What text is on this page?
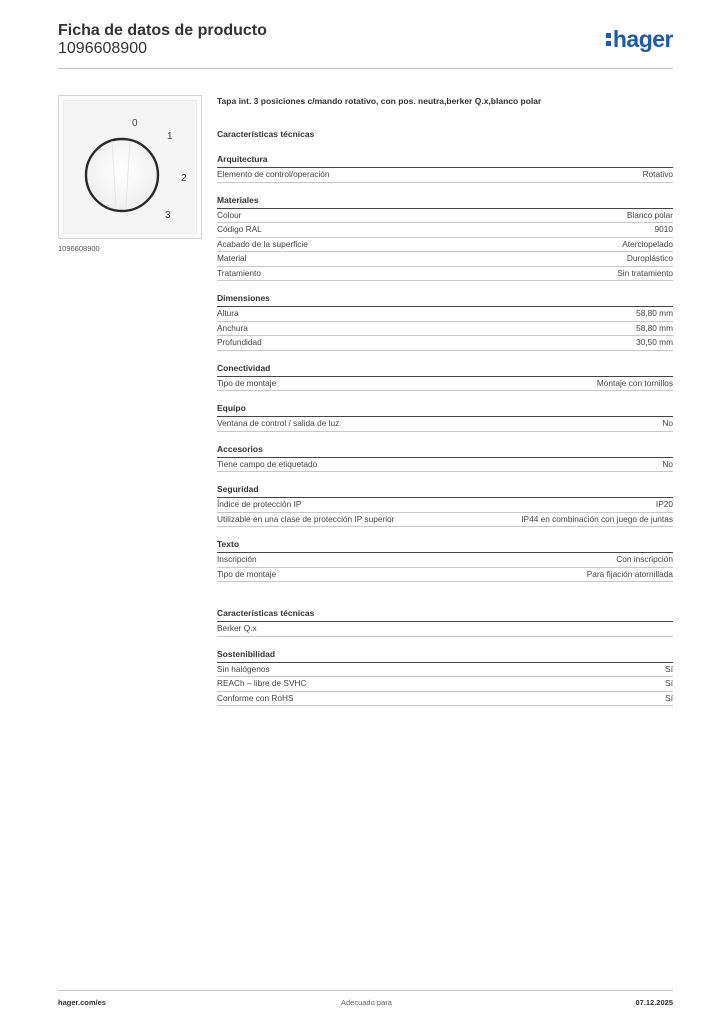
Ficha de datos de producto
1096608900	hager
0
1
2
3
1096608900
Tapa int. 3 posiciones c/mando rotativo, con pos. neutra,berker Q.x,blanco polar
Características técnicas
Arquitectura
Elemento de control/operación	Rotativo
Materiales
Colour	Blanco polar
Código RAL	9010
Acabado de la superficie	Aterciopelado
Material	Duroplástico
Tratamiento	Sin tratamiento
Dimensiones
Altura	58,80 mm
Anchura	58,80 mm
Profundidad	30,50 mm
Conectividad
Tipo de montaje	Montaje con tornillos
Equipo
Ventana de control / salida de luz	No
Accesorios
Tiene campo de etiquetado	No
Seguridad
Índice de protección IP	IP20
Utilizable en una clase de protección IP superior	IP44 en combinación con juego de juntas
Texto
Inscripción	Con inscripción
Tipo de montaje	Para fijación atornillada
Características técnicas
Berker Q.x
Sostenibilidad
Sin halógenos	Sí
REACh – libre de SVHC	Sí
Conforme con RoHS	Sí
hager.com/es	Adecuado para	07.12.2025
